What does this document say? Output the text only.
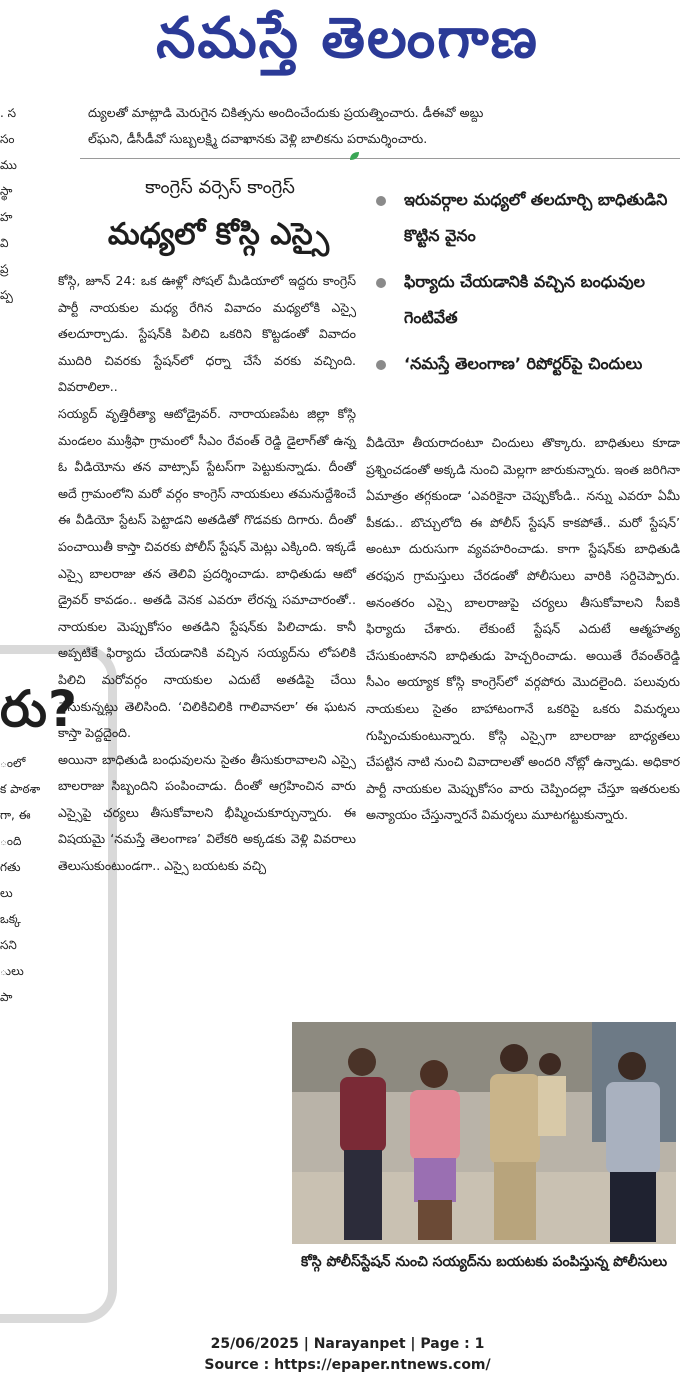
నమస్తే తెలంగాణ

. స

సం

ము

స్థా

హ

వి

ప్ర

ప్ప

రు?

ంలో

క పాఠశా

గా, ఈ

ంది

గతు

లు

ఒక్క

సని

ులు

పా

ద్యులతో మాట్లాడి మెరుగైన చికిత్సను అందించేందుకు ప్రయత్నించారు. డీఈవో అబ్దు

ల్‌ఘని, డీసీడీవో సుబ్బలక్ష్మి దవాఖానకు వెళ్లి బాలికను పరామర్శించారు.

కాంగ్రెస్‌ వర్సెస్‌ కాంగ్రెస్‌
మధ్యలో కోస్గి ఎస్సై
ఇరువర్గాల మధ్యలో తలదూర్చి బాధితుడిని కొట్టిన వైనం
ఫిర్యాదు చేయడానికి వచ్చిన బంధువుల గెంటివేత
‘నమస్తే తెలంగాణ’ రిపోర్టర్‌పై చిందులు

కోస్గి, జూన్‌ 24: ఒక ఊళ్లో సోషల్‌ మీడియాలో ఇద్దరు కాంగ్రెస్‌ పార్టీ నాయకుల మధ్య రేగిన వివాదం మధ్యలోకి ఎస్సై తలదూర్చాడు. స్టేషన్‌కి పిలిచి ఒకరిని కొట్టడంతో వివాదం ముదిరి చివరకు స్టేషన్‌లో ధర్నా చేసే వరకు వచ్చింది. వివరాలిలా..

సయ్యద్‌ వృత్తిరీత్యా ఆటోడ్రైవర్‌. నారాయణపేట జిల్లా కోస్గి మండలం ముశ్రీఫా గ్రామంలో సీఎం రేవంత్‌ రెడ్డి డైలాగ్‌తో ఉన్న ఓ వీడియోను తన వాట్సాప్‌ స్టేటస్‌గా పెట్టుకున్నాడు. దీంతో అదే గ్రామంలోని మరో వర్గం కాంగ్రెస్‌ నాయకులు తమనుద్దేశించే ఈ వీడియో స్టేటస్‌ పెట్టాడని అతడితో గొడవకు దిగారు. దీంతో పంచాయితీ కాస్తా చివరకు పోలీస్‌ స్టేషన్‌ మెట్లు ఎక్కింది. ఇక్కడే ఎస్సై బాలరాజు తన తెలివి ప్రదర్శించాడు. బాధితుడు ఆటో డ్రైవర్‌ కావడం.. అతడి వెనక ఎవరూ లేరన్న సమాచారంతో.. నాయకుల మెప్పుకోసం అతడిని స్టేషన్‌కు పిలిచాడు. కానీ అప్పటికే ఫిర్యాదు చేయడానికి వచ్చిన సయ్యద్‌ను లోపలికి పిలిచి మరోవర్గం నాయకుల ఎదుటే అతడిపై చేయి చేసుకున్నట్లు తెలిసింది. ‘చిలికిచిలికి గాలివానలా’ ఈ ఘటన కాస్తా పెద్దదైంది.

అయినా బాధితుడి బంధువులను సైతం తీసుకురావాలని ఎస్సై బాలరాజు సిబ్బందిని పంపించాడు. దీంతో ఆగ్రహించిన వారు ఎస్సైపై చర్యలు తీసుకోవాలని భీష్మించుకూర్చున్నారు. ఈ విషయమై ‘నమస్తే తెలంగాణ’ విలేకరి అక్కడకు వెళ్లి వివరాలు తెలుసుకుంటుండగా.. ఎస్సై బయటకు వచ్చి

వీడియో తీయరాదంటూ చిందులు తొక్కారు. బాధితులు కూడా ప్రశ్నించడంతో అక్కడి నుంచి మెల్లగా జారుకున్నారు. ఇంత జరిగినా ఏమాత్రం తగ్గకుండా ‘ఎవరికైనా చెప్పుకోండి.. నన్ను ఎవరూ ఏమీ పీకడు.. బొచ్చులోది ఈ పోలీస్‌ స్టేషన్‌ కాకపోతే.. మరో స్టేషన్‌’ అంటూ దురుసుగా వ్యవహరించాడు. కాగా స్టేషన్‌కు బాధితుడి తరఫున గ్రామస్తులు చేరడంతో పోలీసులు వారికి సర్దిచెప్పారు. అనంతరం ఎస్సై బాలరాజుపై చర్యలు తీసుకోవాలని సీఐకి ఫిర్యాదు చేశారు. లేకుంటే స్టేషన్‌ ఎదుటే ఆత్మహత్య చేసుకుంటానని బాధితుడు హెచ్చరించాడు. అయితే రేవంత్‌రెడ్డి సీఎం అయ్యాక కోస్గి కాంగ్రెస్‌లో వర్గపోరు మొదలైంది. పలువురు నాయకులు సైతం బాహాటంగానే ఒకరిపై ఒకరు విమర్శలు గుప్పించుకుంటున్నారు. కోస్గి ఎస్సైగా బాలరాజు బాధ్యతలు చేపట్టిన నాటి నుంచి వివాదాలతో అందరి నోట్లో ఉన్నాడు. అధికార పార్టీ నాయకుల మెప్పుకోసం వారు చెప్పిందల్లా చేస్తూ ఇతరులకు అన్యాయం చేస్తున్నారనే విమర్శలు మూటగట్టుకున్నారు.

కోస్గి పోలీస్‌స్టేషన్‌ నుంచి సయ్యద్‌ను బయటకు పంపిస్తున్న పోలీసులు
25/06/2025 | Narayanpet | Page : 1
Source : https://epaper.ntnews.com/
